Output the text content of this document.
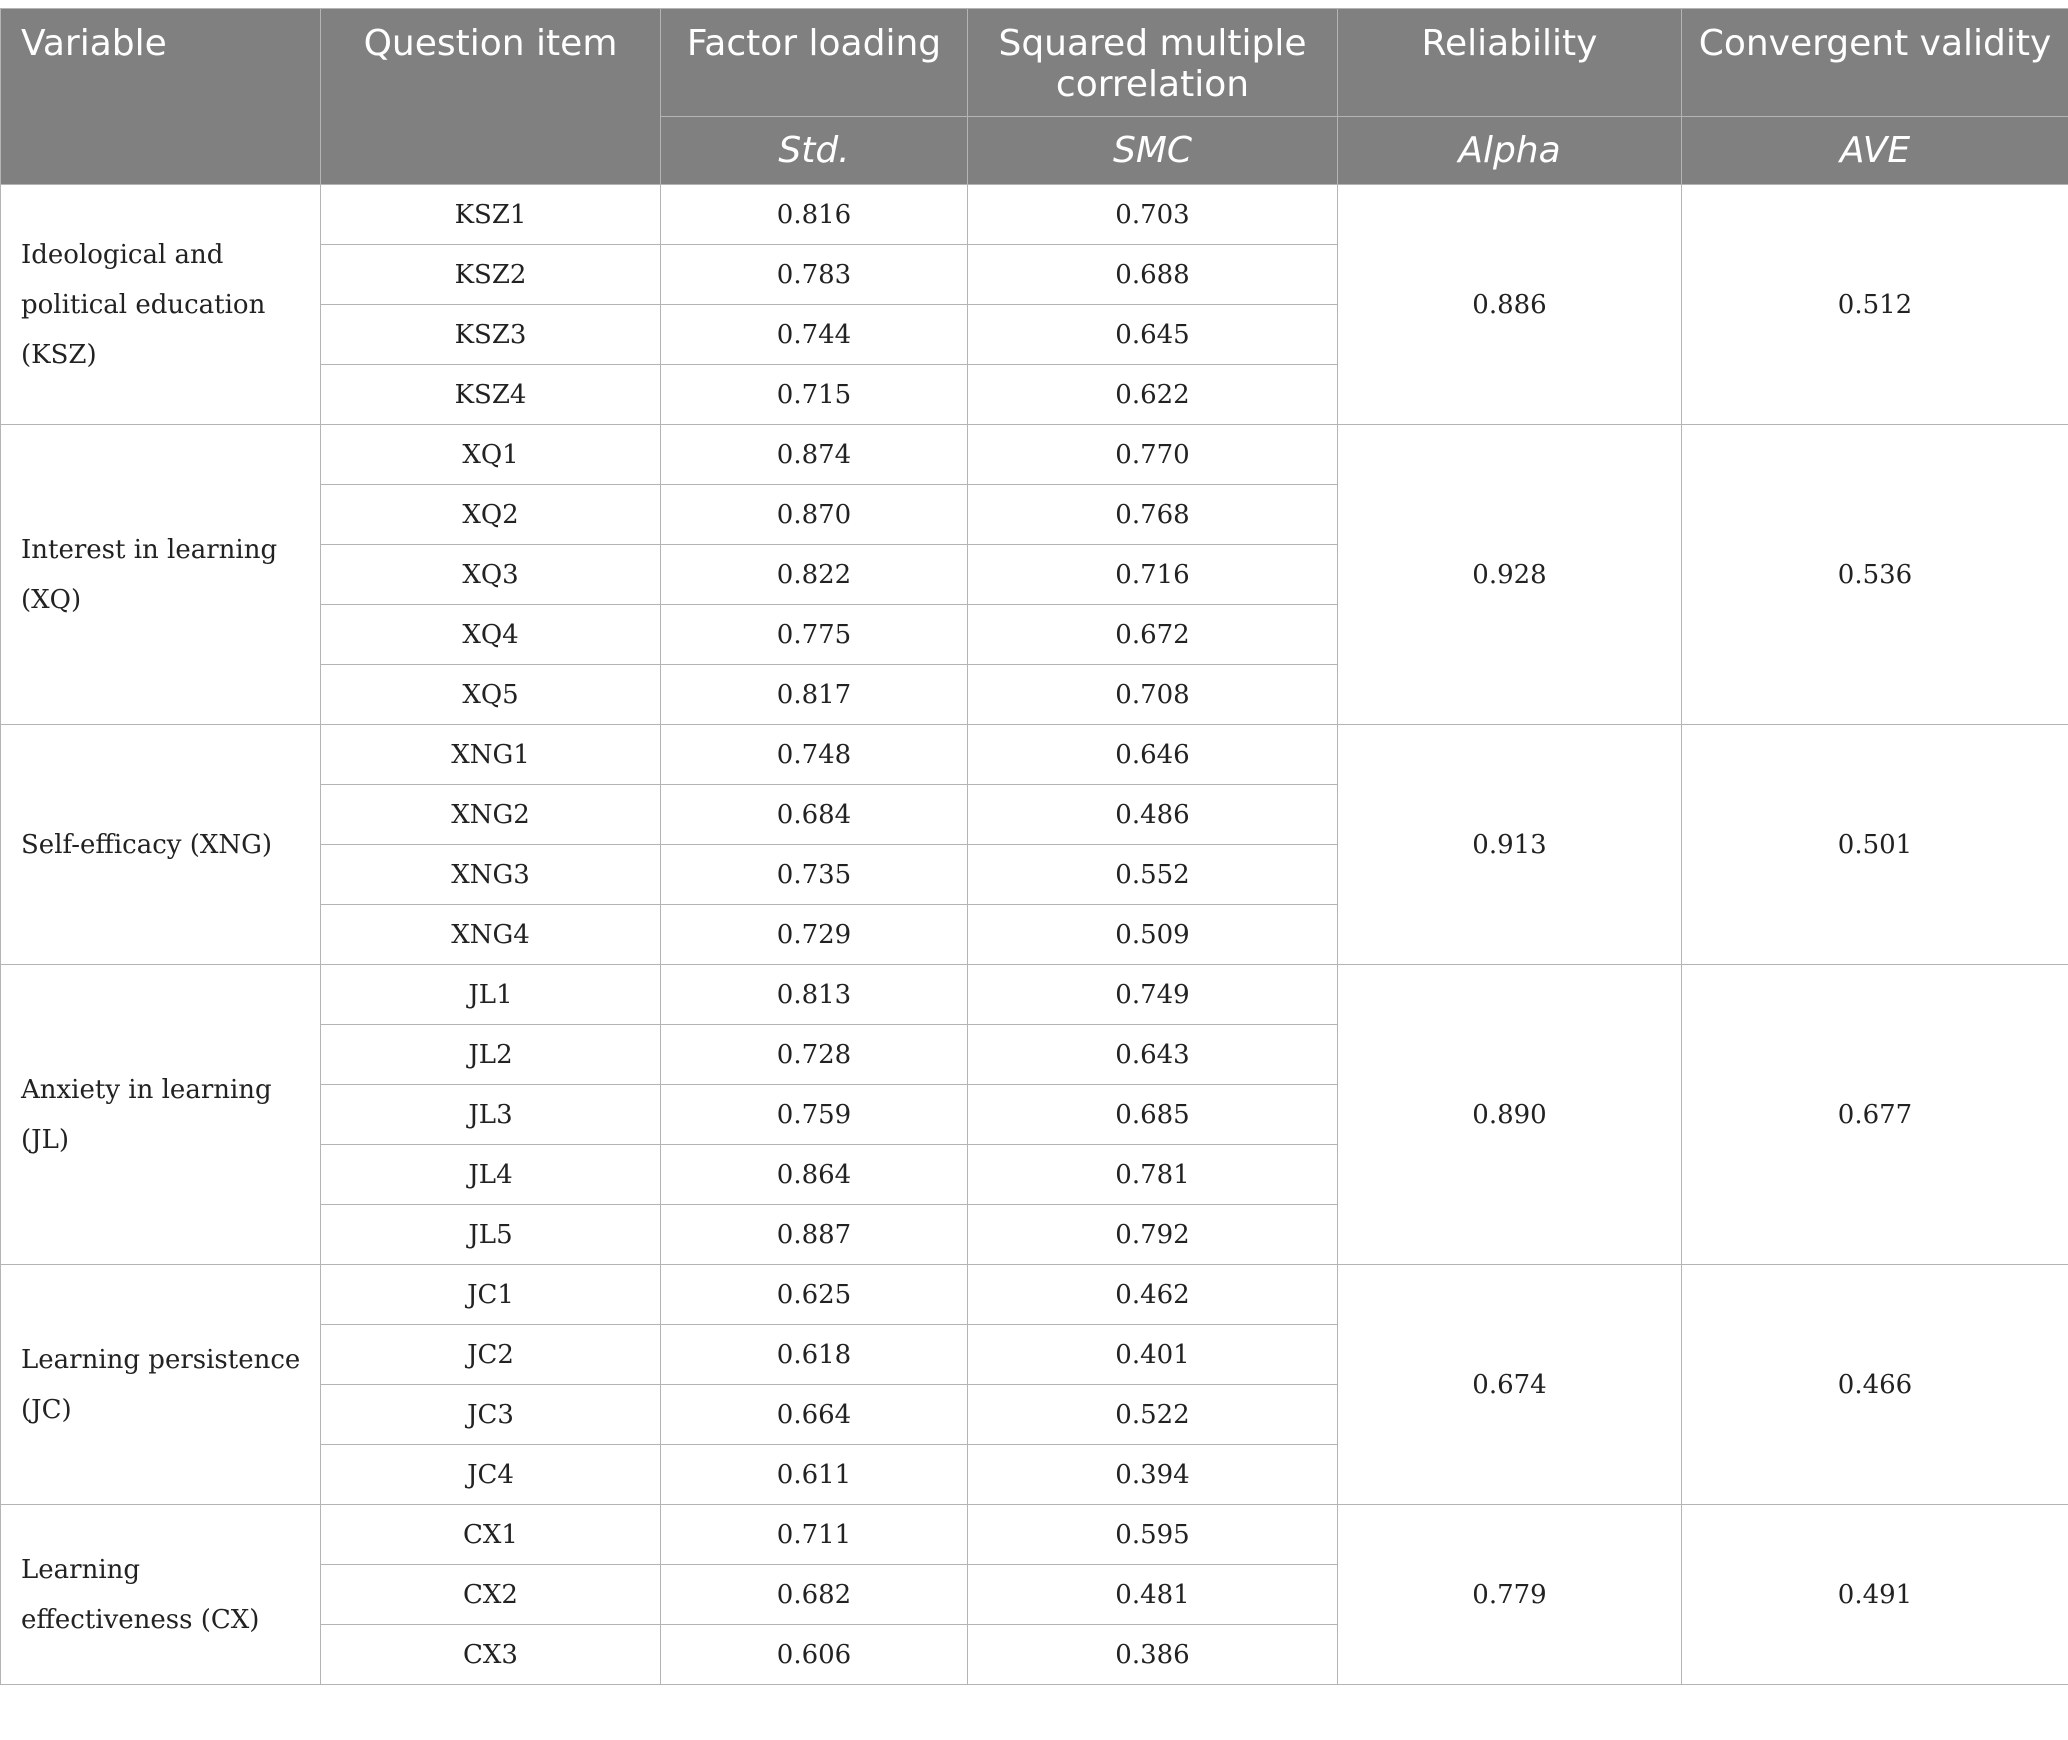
Variable	Question item	Factor loading	Squared multiple correlation	Reliability	Convergent validity
		Std.	SMC	Alpha	AVE
Ideological and political education (KSZ)	KSZ1	0.816	0.703	0.886	0.512
	KSZ2	0.783	0.688		
	KSZ3	0.744	0.645		
	KSZ4	0.715	0.622		
Interest in learning (XQ)	XQ1	0.874	0.770	0.928	0.536
	XQ2	0.870	0.768		
	XQ3	0.822	0.716		
	XQ4	0.775	0.672		
	XQ5	0.817	0.708		
Self-efficacy (XNG)	XNG1	0.748	0.646	0.913	0.501
	XNG2	0.684	0.486		
	XNG3	0.735	0.552		
	XNG4	0.729	0.509		
Anxiety in learning (JL)	JL1	0.813	0.749	0.890	0.677
	JL2	0.728	0.643		
	JL3	0.759	0.685		
	JL4	0.864	0.781		
	JL5	0.887	0.792		
Learning persistence (JC)	JC1	0.625	0.462	0.674	0.466
	JC2	0.618	0.401		
	JC3	0.664	0.522		
	JC4	0.611	0.394		
Learning effectiveness (CX)	CX1	0.711	0.595	0.779	0.491
	CX2	0.682	0.481		
	CX3	0.606	0.386		
